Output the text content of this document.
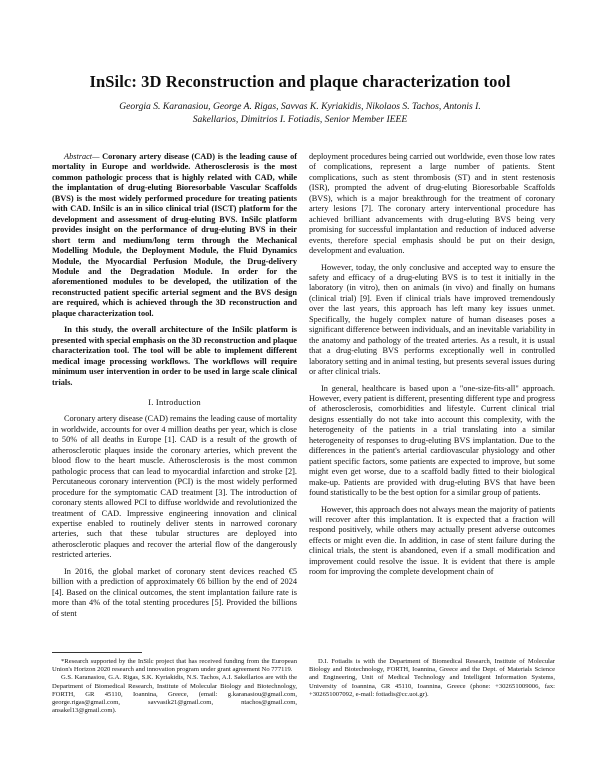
InSilc: 3D Reconstruction and plaque characterization tool
Georgia S. Karanasiou, George A. Rigas, Savvas K. Kyriakidis, Nikolaos S. Tachos, Antonis I.
Sakellarios, Dimitrios I. Fotiadis, Senior Member IEEE

Abstract— Coronary artery disease (CAD) is the leading cause of mortality in Europe and worldwide. Atherosclerosis is the most common pathologic process that is highly related with CAD, while the implantation of drug-eluting Bioresorbable Vascular Scaffolds (BVS) is the most widely performed procedure for treating patients with CAD. InSilc is an in silico clinical trial (ISCT) platform for the development and assessment of drug-eluting BVS. InSilc platform provides insight on the performance of drug-eluting BVS in their short term and medium/long term through the Mechanical Modelling Module, the Deployment Module, the Fluid Dynamics Module, the Myocardial Perfusion Module, the Drug-delivery Module and the Degradation Module. In order for the aforementioned modules to be developed, the utilization of the reconstructed patient specific arterial segment and the BVS design are required, which is achieved through the 3D reconstruction and plaque characterization tool.

In this study, the overall architecture of the InSilc platform is presented with special emphasis on the 3D reconstruction and plaque characterization tool. The tool will be able to implement different medical image processing workflows. The workflows will require minimum user intervention in order to be used in large scale clinical trials.

I. Introduction

Coronary artery disease (CAD) remains the leading cause of mortality in worldwide, accounts for over 4 million deaths per year, which is close to 50% of all deaths in Europe [1]. CAD is a result of the growth of atherosclerotic plaques inside the coronary arteries, which prevent the blood flow to the heart muscle. Atherosclerosis is the most common pathologic process that can lead to myocardial infarction and stroke [2]. Percutaneous coronary intervention (PCI) is the most widely performed procedure for the symptomatic CAD treatment [3]. The introduction of coronary stents allowed PCI to diffuse worldwide and revolutionized the treatment of CAD. Impressive engineering innovation and clinical expertise enabled to routinely deliver stents in narrowed coronary arteries, such that these tubular structures are deployed into atherosclerotic plaques and recover the arterial flow of the dangerously restricted arteries.

In 2016, the global market of coronary stent devices reached €5 billion with a prediction of approximately €6 billion by the end of 2024 [4]. Based on the clinical outcomes, the stent implantation failure rate is more than 4% of the total stenting procedures [5]. Provided the billions of stent

deployment procedures being carried out worldwide, even those low rates of complications, represent a large number of patients. Stent complications, such as stent thrombosis (ST) and in stent restenosis (ISR), prompted the advent of drug-eluting Bioresorbable Scaffolds (BVS), which is a major breakthrough for the treatment of coronary artery lesions [7]. The coronary artery interventional procedure has achieved brilliant advancements with drug-eluting BVS being very promising for successful implantation and reduction of induced adverse events, therefore special emphasis should be put on their design, development and evaluation.

However, today, the only conclusive and accepted way to ensure the safety and efficacy of a drug-eluting BVS is to test it initially in the laboratory (in vitro), then on animals (in vivo) and finally on humans (clinical trial) [9]. Even if clinical trials have improved tremendously over the last years, this approach has left many key issues unmet. Specifically, the hugely complex nature of human diseases poses a significant difference between individuals, and an inevitable variability in the anatomy and pathology of the treated arteries. As a result, it is usual that a drug-eluting BVS performs exceptionally well in controlled laboratory setting and in animal testing, but presents several issues during or after clinical trials.

In general, healthcare is based upon a "one-size-fits-all" approach. However, every patient is different, presenting different type and progress of atherosclerosis, comorbidities and lifestyle. Current clinical trial designs essentially do not take into account this complexity, with the heterogeneity of the patients in a trial translating into a similar heterogeneity of responses to drug-eluting BVS implantation. Due to the differences in the patient's arterial cardiovascular physiology and other patient specific factors, some patients are expected to improve, but some might even get worse, due to a scaffold badly fitted to their biological make-up. Patients are provided with drug-eluting BVS that have been found statistically to be the best option for a similar group of patients.

However, this approach does not always mean the majority of patients will recover after this implantation. It is expected that a fraction will respond positively, while others may actually present adverse outcomes effects or might even die. In addition, in case of stent failure during the clinical trials, the stent is abandoned, even if a small modification and improvement could resolve the issue. It is evident that there is ample room for improving the complete development chain of

*Research supported by the InSilc project that has received funding from the European Union's Horizon 2020 research and innovation program under grant agreement No 777119.

G.S. Karanasiou, G.A. Rigas, S.K. Kyriakidis, N.S. Tachos, A.I. Sakellarios are with the Department of Biomedical Research, Institute of Molecular Biology and Biotechnology, FORTH, GR 45110, Ioannina, Greece, (email: g.karanasiou@gmail.com, george.rigas@gmail.com, savvasik21@gmail.com, ntachos@gmail.com, ansakel13@gmail.com).

D.I. Fotiadis is with the Department of Biomedical Research, Institute of Molecular Biology and Biotechnology, FORTH, Ioannina, Greece and the Dept. of Materials Science and Engineering, Unit of Medical Technology and Intelligent Information Systems, University of Ioannina, GR 45110, Ioannina, Greece (phone: +302651009006, fax: +302651007092, e-mail: fotiadis@cc.uoi.gr).
